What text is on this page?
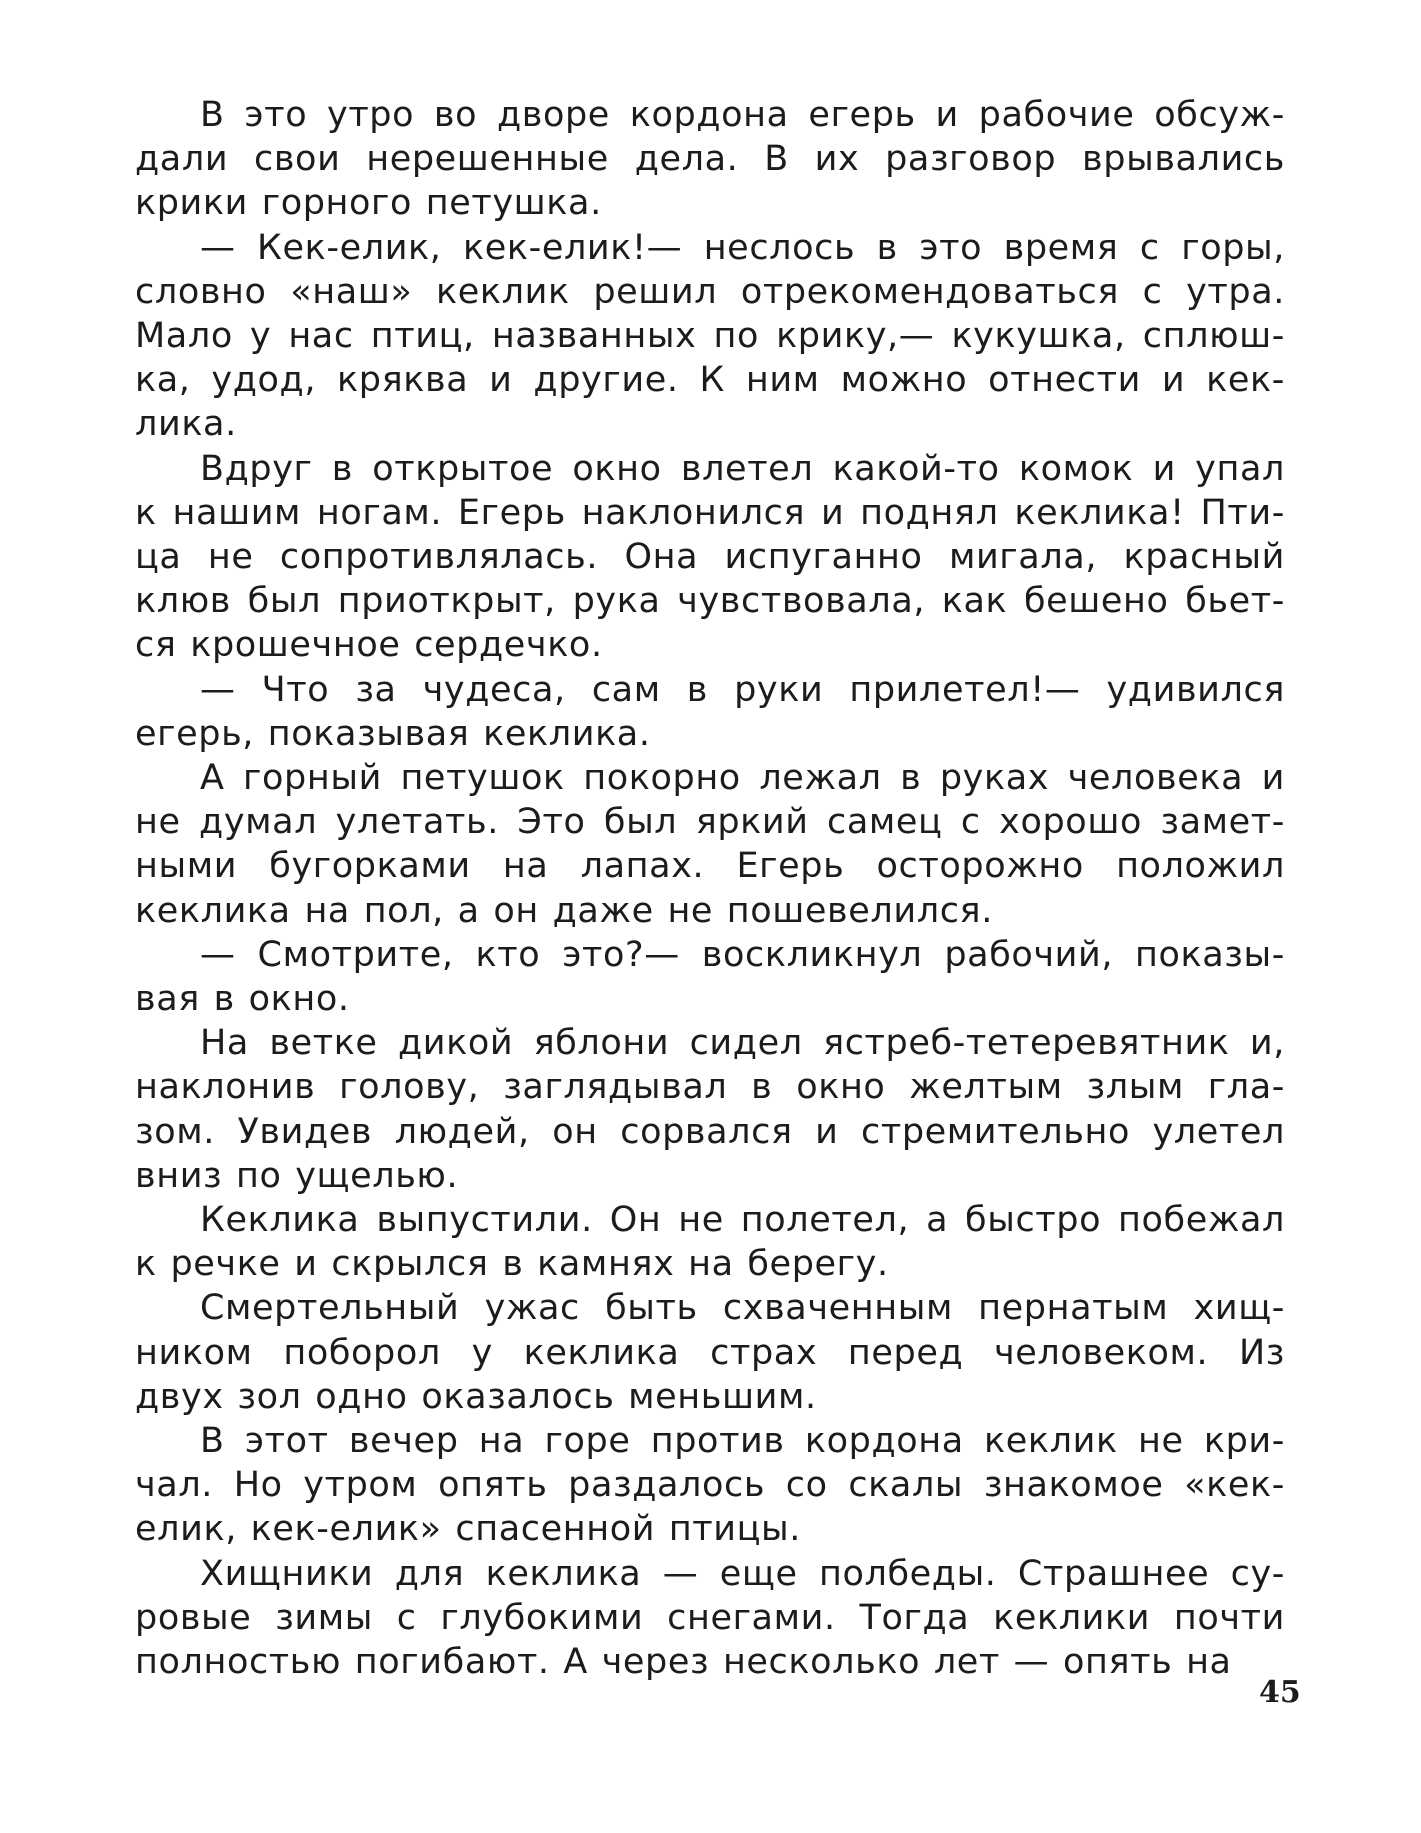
В это утро во дворе кордона егерь и рабочие обсуж-
дали свои нерешенные дела. В их разговор врывались
крики горного петушка.
— Кек-елик, кек-елик!— неслось в это время с горы,
словно «наш» кеклик решил отрекомендоваться с утра.
Мало у нас птиц, названных по крику,— кукушка, сплюш-
ка, удод, кряква и другие. К ним можно отнести и кек-
лика.
Вдруг в открытое окно влетел какой-то комок и упал
к нашим ногам. Егерь наклонился и поднял кеклика! Пти-
ца не сопротивлялась. Она испуганно мигала, красный
клюв был приоткрыт, рука чувствовала, как бешено бьет-
ся крошечное сердечко.
— Что за чудеса, сам в руки прилетел!— удивился
егерь, показывая кеклика.
А горный петушок покорно лежал в руках человека и
не думал улетать. Это был яркий самец с хорошо замет-
ными бугорками на лапах. Егерь осторожно положил
кеклика на пол, а он даже не пошевелился.
— Смотрите, кто это?— воскликнул рабочий, показы-
вая в окно.
На ветке дикой яблони сидел ястреб-тетеревятник и,
наклонив голову, заглядывал в окно желтым злым гла-
зом. Увидев людей, он сорвался и стремительно улетел
вниз по ущелью.
Кеклика выпустили. Он не полетел, а быстро побежал
к речке и скрылся в камнях на берегу.
Смертельный ужас быть схваченным пернатым хищ-
ником поборол у кеклика страх перед человеком. Из
двух зол одно оказалось меньшим.
В этот вечер на горе против кордона кеклик не кри-
чал. Но утром опять раздалось со скалы знакомое «кек-
елик, кек-елик» спасенной птицы.
Хищники для кеклика — еще полбеды. Страшнее су-
ровые зимы с глубокими снегами. Тогда кеклики почти
полностью погибают. А через несколько лет — опять на
45
